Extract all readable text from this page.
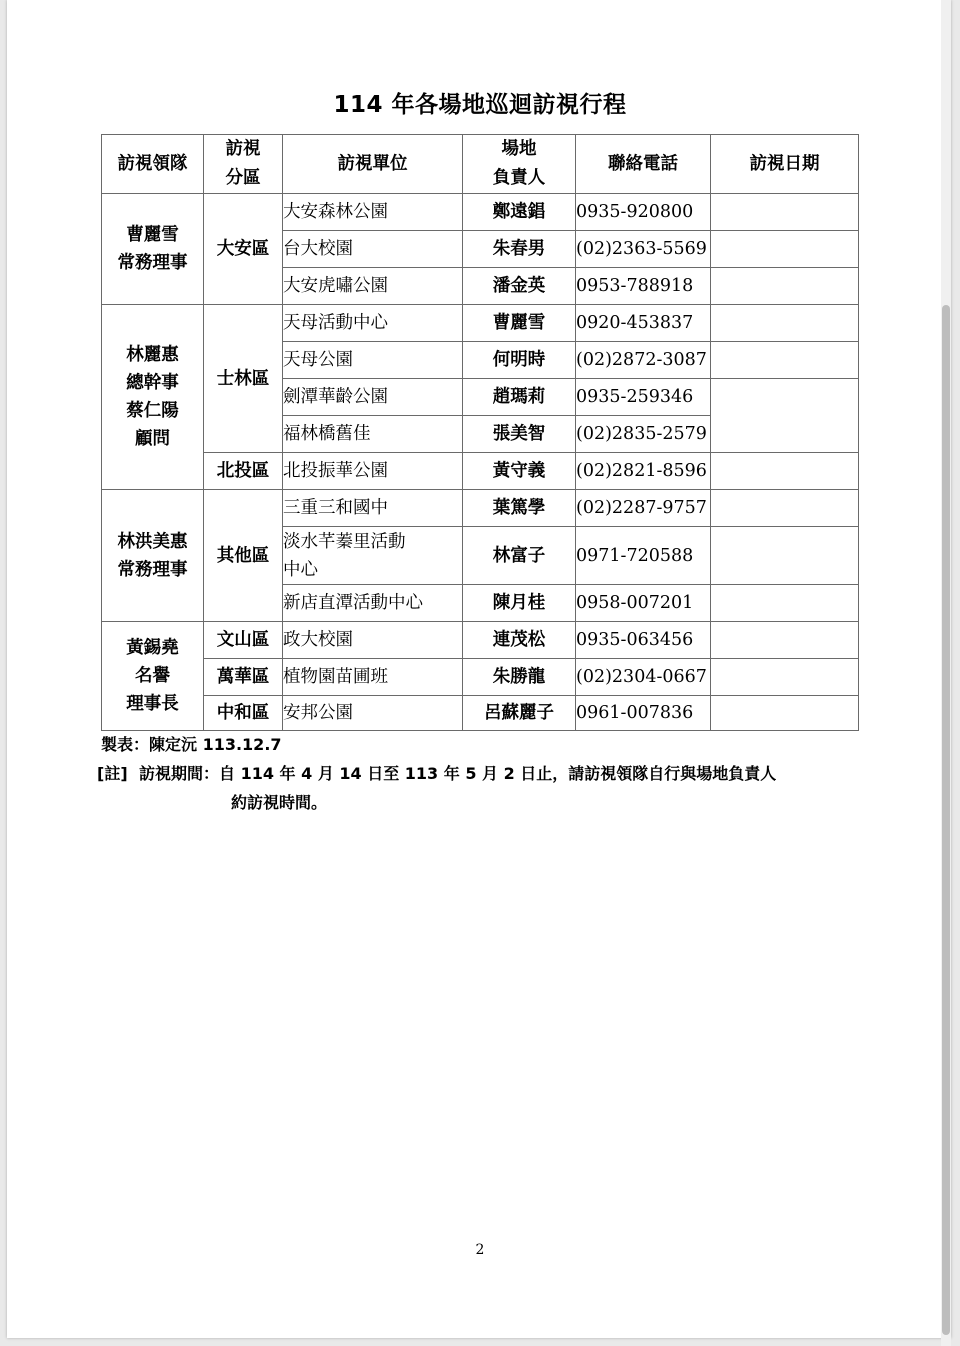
114 年各場地巡迴訪視行程
訪視領隊	訪視
分區	訪視單位	場地
負責人	聯絡電話	訪視日期

曹麗雪
常務理事	大安區	大安森林公園	鄭遠錩	0935-920800	
		台大校園	朱春男	(02)2363-5569	
		大安虎嘯公園	潘金英	0953-788918	

林麗惠
總幹事
蔡仁陽
顧問	士林區	天母活動中心	曹麗雪	0920-453837	
		天母公園	何明時	(02)2872-3087	
		劍潭華齡公園	趙瑪莉	0935-259346	
		福林橋舊佳	張美智	(02)2835-2579	
	北投區	北投振華公園	黃守義	(02)2821-8596	

林洪美惠
常務理事	其他區	三重三和國中	葉篤學	(02)2287-9757	

		淡水芊蓁里活動
中心	林富子	0971-720588	
		新店直潭活動中心	陳月桂	0958-007201	

黃錫堯
名譽
理事長	文山區	政大校園	連茂松	0935-063456	
	萬華區	植物園苗圃班	朱勝龍	(02)2304-0667	
	中和區	安邦公園	呂蘇麗子	0961-007836	
製表：陳定沅 113.12.7
[註] 訪視期間：自 114 年 4 月 14 日至 113 年 5 月 2 日止，請訪視領隊自行與場地負責人
約訪視時間。
2
